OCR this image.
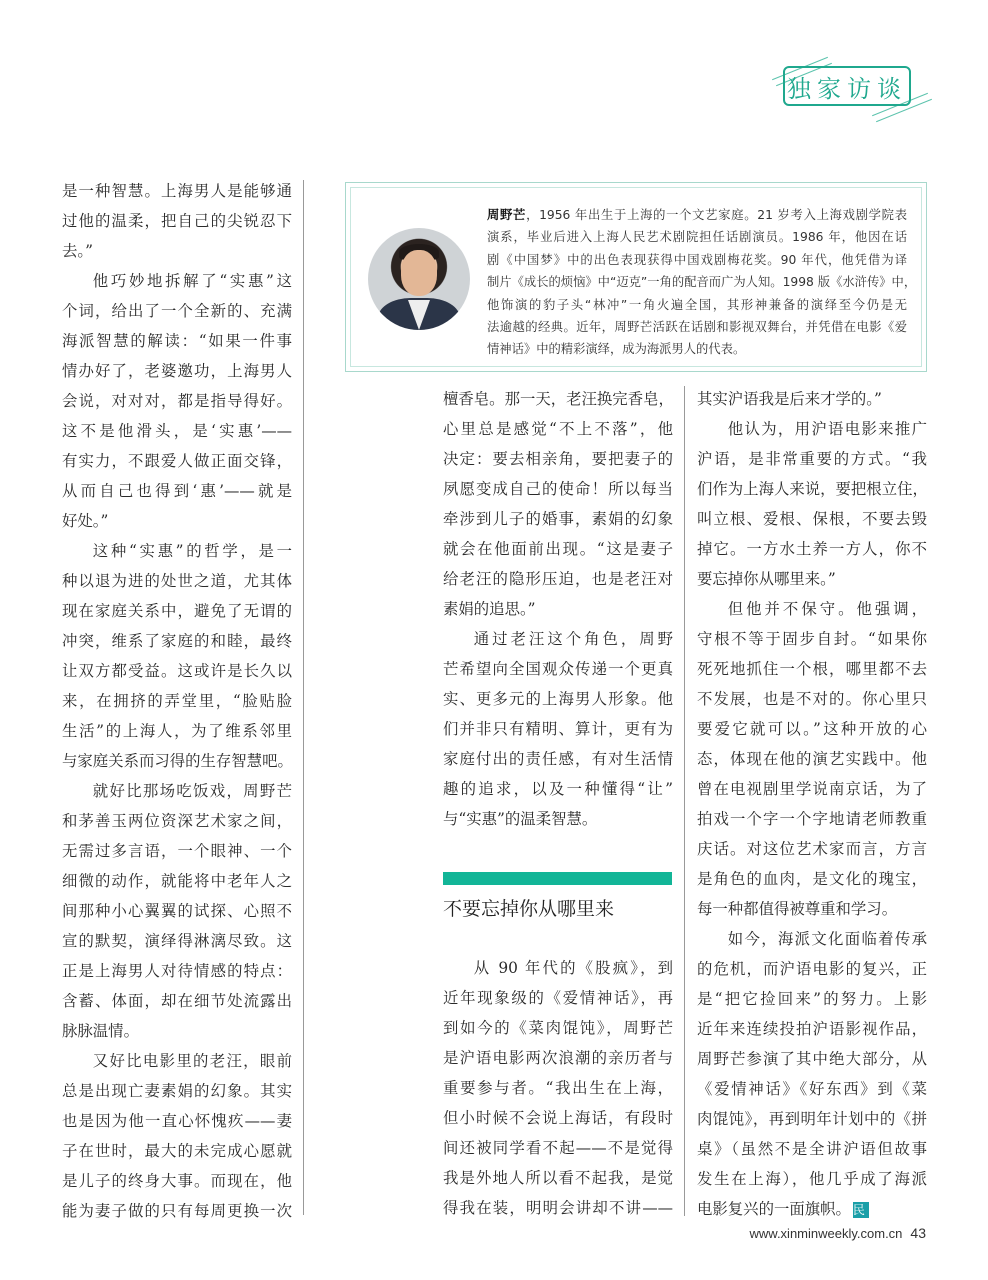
独家访谈
周野芒，1956 年出生于上海的一个文艺家庭。21 岁考入上海戏剧学院表
演系，毕业后进入上海人民艺术剧院担任话剧演员。1986 年，他因在话
剧《中国梦》中的出色表现获得中国戏剧梅花奖。90 年代，他凭借为译
制片《成长的烦恼》中“迈克”一角的配音而广为人知。1998 版《水浒传》中，
他饰演的豹子头“林冲”一角火遍全国，其形神兼备的演绎至今仍是无
法逾越的经典。近年，周野芒活跃在话剧和影视双舞台，并凭借在电影《爱
情神话》中的精彩演绎，成为海派男人的代表。
是一种智慧。上海男人是能够通
过他的温柔，把自己的尖锐忍下
去。”
他巧妙地拆解了“实惠”这
个词，给出了一个全新的、充满
海派智慧的解读：“如果一件事
情办好了，老婆邀功，上海男人
会说，对对对，都是指导得好。
这不是他滑头，是‘实惠’——
有实力，不跟爱人做正面交锋，
从而自己也得到‘惠’——就是
好处。”
这种“实惠”的哲学，是一
种以退为进的处世之道，尤其体
现在家庭关系中，避免了无谓的
冲突，维系了家庭的和睦，最终
让双方都受益。这或许是长久以
来，在拥挤的弄堂里，“脸贴脸
生活”的上海人，为了维系邻里
与家庭关系而习得的生存智慧吧。
就好比那场吃饭戏，周野芒
和茅善玉两位资深艺术家之间，
无需过多言语，一个眼神、一个
细微的动作，就能将中老年人之
间那种小心翼翼的试探、心照不
宣的默契，演绎得淋漓尽致。这
正是上海男人对待情感的特点：
含蓄、体面，却在细节处流露出
脉脉温情。
又好比电影里的老汪，眼前
总是出现亡妻素娟的幻象。其实
也是因为他一直心怀愧疚——妻
子在世时，最大的未完成心愿就
是儿子的终身大事。而现在，他
能为妻子做的只有每周更换一次
檀香皂。那一天，老汪换完香皂，
心里总是感觉“不上不落”，他
决定：要去相亲角，要把妻子的
夙愿变成自己的使命！所以每当
牵涉到儿子的婚事，素娟的幻象
就会在他面前出现。“这是妻子
给老汪的隐形压迫，也是老汪对
素娟的追思。”
通过老汪这个角色，周野
芒希望向全国观众传递一个更真
实、更多元的上海男人形象。他
们并非只有精明、算计，更有为
家庭付出的责任感，有对生活情
趣的追求，以及一种懂得“让”
与“实惠”的温柔智慧。
不要忘掉你从哪里来
从 90 年代的《股疯》，到
近年现象级的《爱情神话》，再
到如今的《菜肉馄饨》，周野芒
是沪语电影两次浪潮的亲历者与
重要参与者。“我出生在上海，
但小时候不会说上海话，有段时
间还被同学看不起——不是觉得
我是外地人所以看不起我，是觉
得我在装，明明会讲却不讲——
其实沪语我是后来才学的。”
他认为，用沪语电影来推广
沪语，是非常重要的方式。“我
们作为上海人来说，要把根立住，
叫立根、爱根、保根，不要去毁
掉它。一方水土养一方人，你不
要忘掉你从哪里来。”
但他并不保守。他强调，
守根不等于固步自封。“如果你
死死地抓住一个根，哪里都不去
不发展，也是不对的。你心里只
要爱它就可以。”这种开放的心
态，体现在他的演艺实践中。他
曾在电视剧里学说南京话，为了
拍戏一个字一个字地请老师教重
庆话。对这位艺术家而言，方言
是角色的血肉，是文化的瑰宝，
每一种都值得被尊重和学习。
如今，海派文化面临着传承
的危机，而沪语电影的复兴，正
是“把它捡回来”的努力。上影
近年来连续投拍沪语影视作品，
周野芒参演了其中绝大部分，从
《爱情神话》《好东西》到《菜
肉馄饨》，再到明年计划中的《拼
桌》（虽然不是全讲沪语但故事
发生在上海），他几乎成了海派
电影复兴的一面旗帜。 民
www.xinminweekly.com.cn 43
